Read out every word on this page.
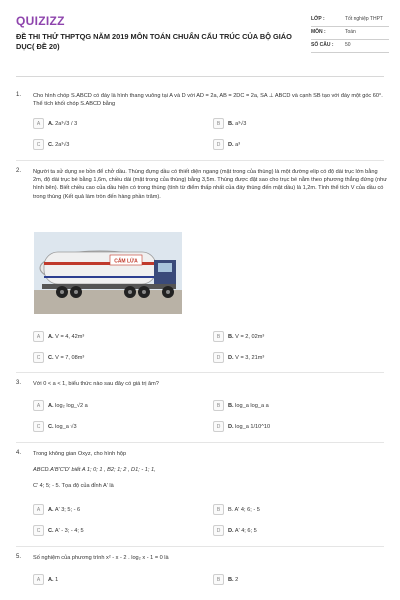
QUIZIZZ
ĐỀ THI THỬ THPTQG NĂM 2019 MÔN TOÁN CHUẨN CẤU TRÚC CỦA BỘ GIÁO DỤC( ĐỀ 20)
LỚP :	Tốt nghiệp THPT
MÔN :	Toán
SỐ CÂU :	50
1. Cho hình chóp S.ABCD có đáy là hình thang vuông tại A và D với AD = 2a, AB = 2DC = 2a, SA ⊥ ABCD và cạnh SB tạo với đáy một góc 60°. Thể tích khối chóp S.ABCD bằng
A	A. 2a³√3 / 3	B	B. a³√3
C	C. 2a³√3	D	D. a³
2. Người ta sử dụng xe bồn để chở dầu. Thùng đựng dầu có thiết diện ngang (mặt trong của thùng) là một đường elip có độ dài trục lớn bằng 2m, độ dài trục bé bằng 1,6m, chiều dài (mặt trong của thùng) bằng 3,5m. Thùng được đặt sao cho trục bé nằm theo phương thẳng đứng (như hình bên). Biết chiều cao của dầu hiện có trong thùng (tính từ điểm thấp nhất của đáy thùng đến mặt dầu) là 1,2m. Tính thể tích V của dầu có trong thùng (Kết quả làm tròn đến hàng phần trăm).
CẤM LỬA
A	A. V = 4, 42m³	B	B. V = 2, 02m³
C	C. V = 7, 08m³	D	D. V = 3, 21m³
3. Với 0 < a < 1, biểu thức nào sau đây có giá trị âm?
A	A. log₂ log_√2 a	B	B. log_a log_a a
C	C. log_a √3	D	D. log_a 1/10^10
4. Trong không gian Oxyz, cho hình hộp
ABCD.A'B'C'D' biết A 1; 0; 1 , B2; 1; 2 , D1; - 1; 1,
C' 4; 5; - 5. Tọa độ của đỉnh A' là
A	A. A' 3; 5; - 6	B	B. A' 4; 6; - 5
C	C. A' - 3; - 4; 5	D	D. A' 4; 6; 5
5. Số nghiệm của phương trình x² - x - 2 . log₂ x - 1 = 0 là
A	A. 1	B	B. 2
